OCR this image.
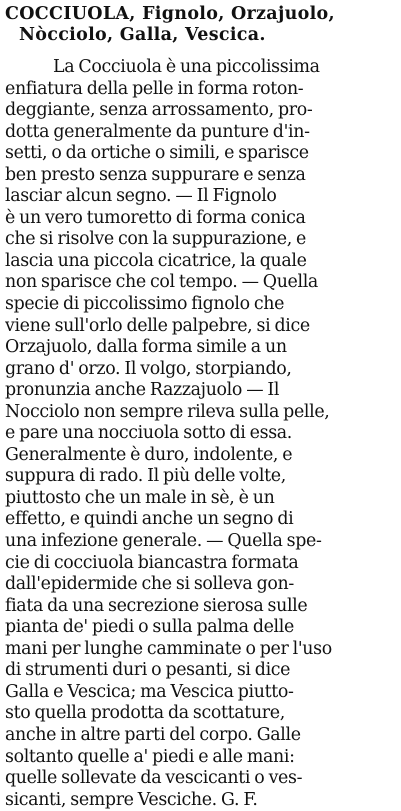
COCCIUOLA, Fignolo, Orzajuolo,
Nòcciolo, Galla, Vescica.
La Cocciuola è una piccolissima
enfiatura della pelle in forma roton-
deggiante, senza arrossamento, pro-
dotta generalmente da punture d'in-
setti, o da ortiche o simili, e sparisce
ben presto senza suppurare e senza
lasciar alcun segno. — Il Fignolo
è un vero tumoretto di forma conica
che si risolve con la suppurazione, e
lascia una piccola cicatrice, la quale
non sparisce che col tempo. — Quella
specie di piccolissimo fignolo che
viene sull'orlo delle palpebre, si dice
Orzajuolo, dalla forma simile a un
grano d' orzo. Il volgo, storpiando,
pronunzia anche Razzajuolo — Il
Nocciolo non sempre rileva sulla pelle,
e pare una nocciuola sotto di essa.
Generalmente è duro, indolente, e
suppura di rado. Il più delle volte,
piuttosto che un male in sè, è un
effetto, e quindi anche un segno di
una infezione generale. — Quella spe-
cie di cocciuola biancastra formata
dall'epidermide che si solleva gon-
fiata da una secrezione sierosa sulle
pianta de' piedi o sulla palma delle
mani per lunghe camminate o per l'uso
di strumenti duri o pesanti, si dice
Galla e Vescica; ma Vescica piutto-
sto quella prodotta da scottature,
anche in altre parti del corpo. Galle
soltanto quelle a' piedi e alle mani:
quelle sollevate da vescicanti o ves-
sicanti, sempre Vesciche. G. F.
